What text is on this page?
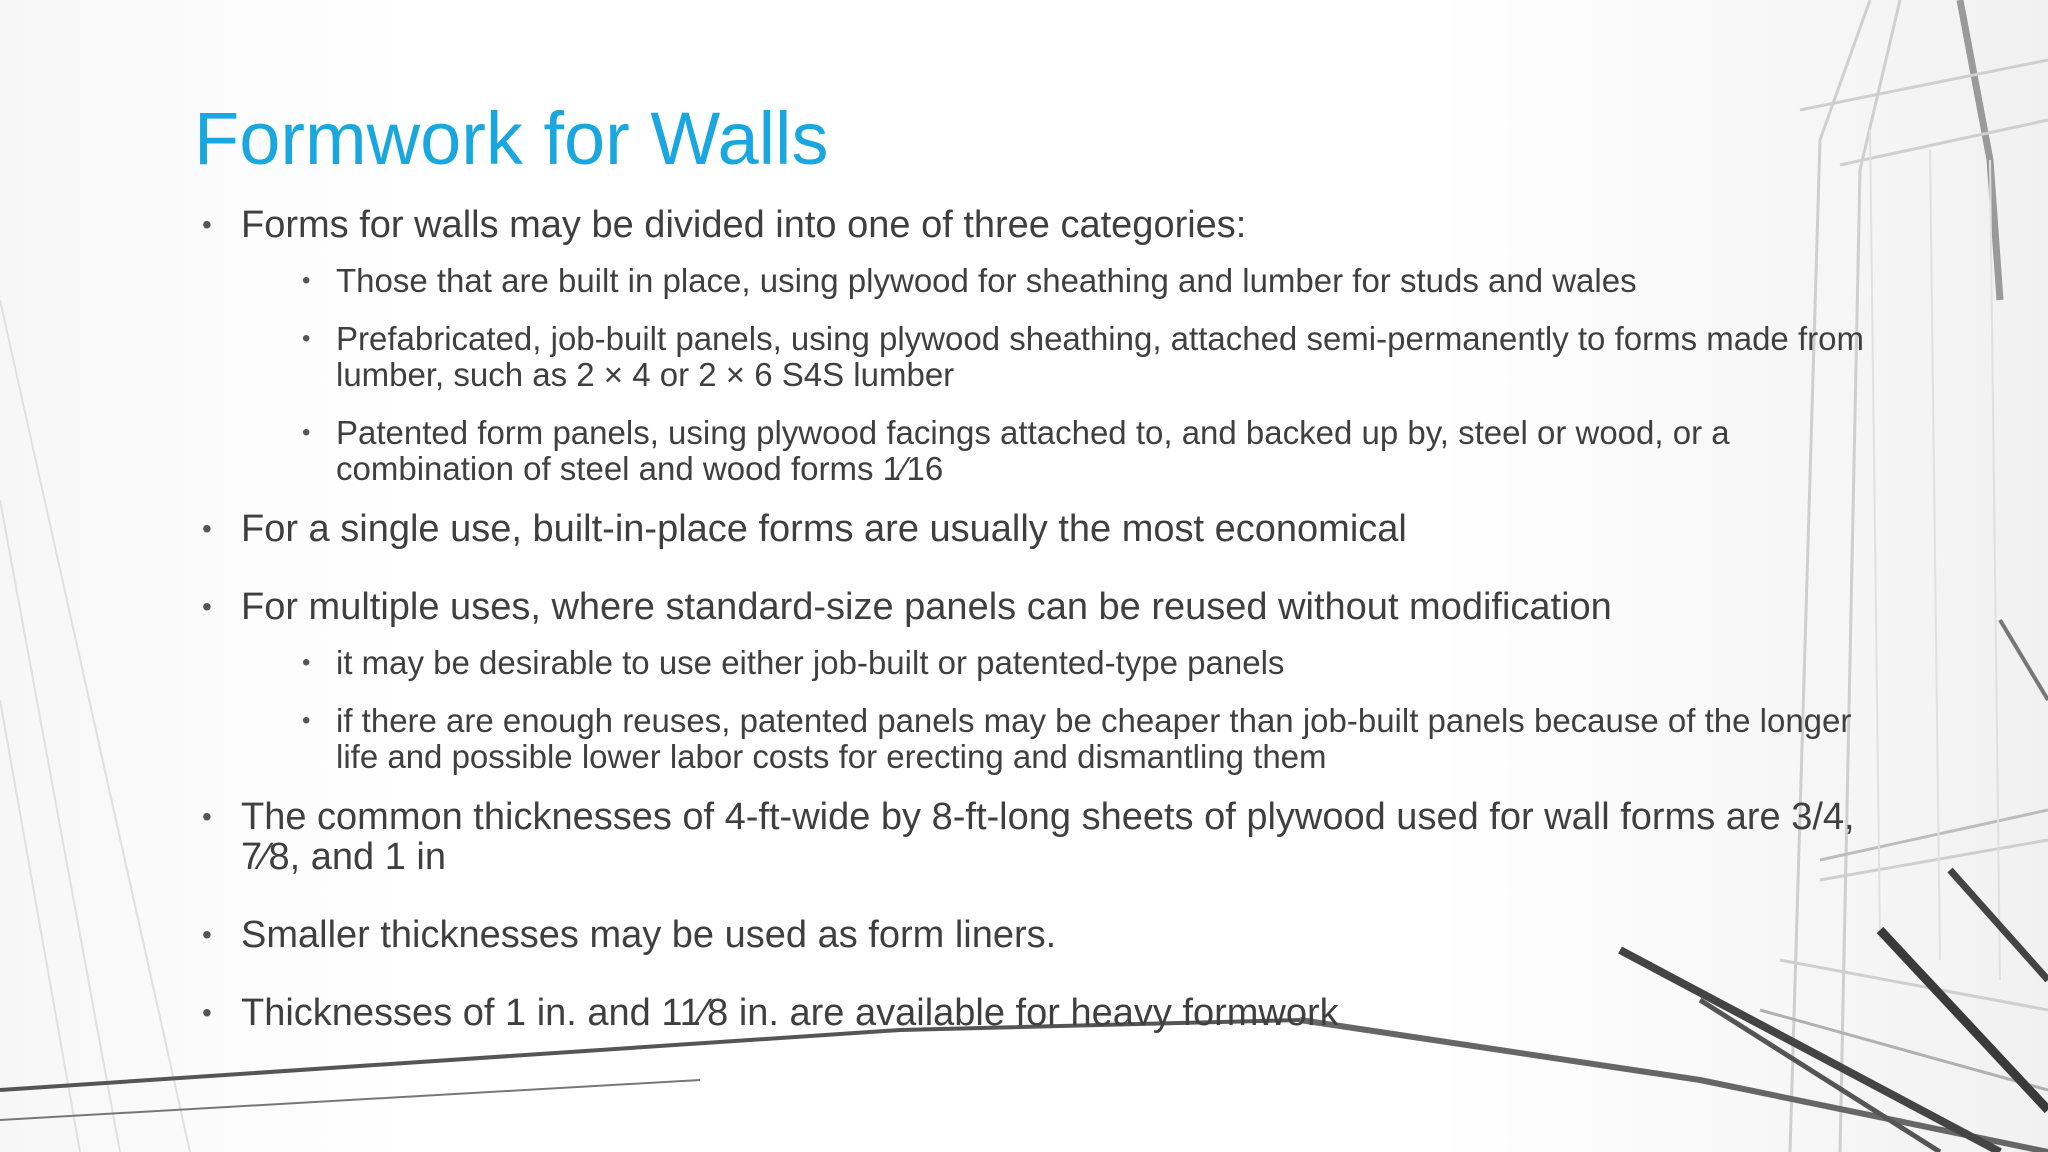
Formwork for Walls
• Forms for walls may be divided into one of three categories:
• Those that are built in place, using plywood for sheathing and lumber for studs and wales
• Prefabricated, job-built panels, using plywood sheathing, attached semi-permanently to forms made from lumber, such as 2 × 4 or 2 × 6 S4S lumber
• Patented form panels, using plywood facings attached to, and backed up by, steel or wood, or a combination of steel and wood forms 1⁄16
• For a single use, built-in-place forms are usually the most economical
• For multiple uses, where standard-size panels can be reused without modification
• it may be desirable to use either job-built or patented-type panels
• if there are enough reuses, patented panels may be cheaper than job-built panels because of the longer life and possible lower labor costs for erecting and dismantling them
• The common thicknesses of 4-ft-wide by 8-ft-long sheets of plywood used for wall forms are 3/4, 7⁄8, and 1 in
• Smaller thicknesses may be used as form liners.
• Thicknesses of 1 in. and 11⁄8 in. are available for heavy formwork
